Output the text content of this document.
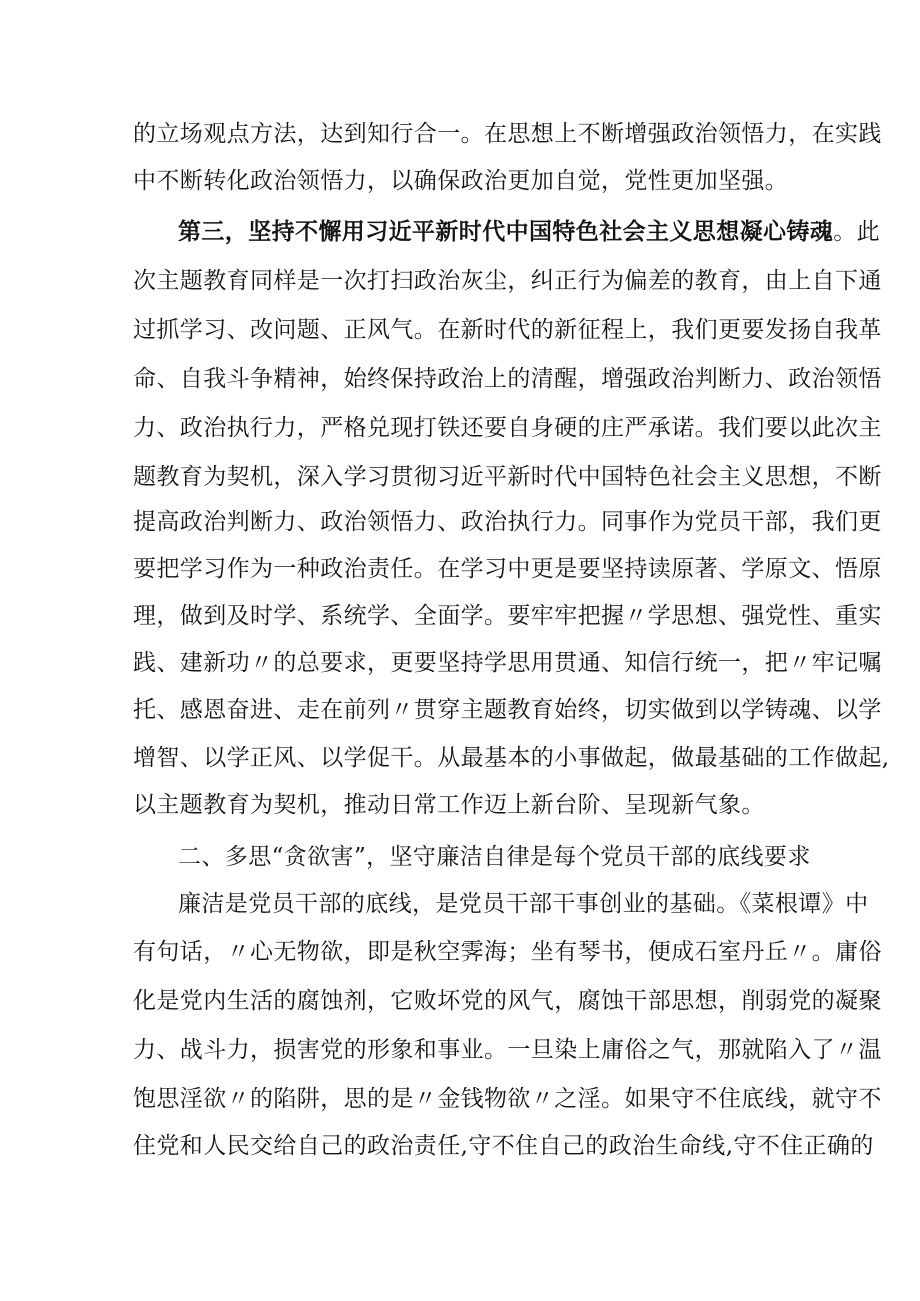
的立场观点方法，达到知行合一。在思想上不断增强政治领悟力，在实践
中不断转化政治领悟力，以确保政治更加自觉，党性更加坚强。
第三，坚持不懈用习近平新时代中国特色社会主义思想凝心铸魂。此
次主题教育同样是一次打扫政治灰尘，纠正行为偏差的教育，由上自下通
过抓学习、改问题、正风气。在新时代的新征程上，我们更要发扬自我革
命、自我斗争精神，始终保持政治上的清醒，增强政治判断力、政治领悟
力、政治执行力，严格兑现打铁还要自身硬的庄严承诺。我们要以此次主
题教育为契机，深入学习贯彻习近平新时代中国特色社会主义思想，不断
提高政治判断力、政治领悟力、政治执行力。同事作为党员干部，我们更
要把学习作为一种政治责任。在学习中更是要坚持读原著、学原文、悟原
理，做到及时学、系统学、全面学。要牢牢把握〃学思想、强党性、重实
践、建新功〃的总要求，更要坚持学思用贯通、知信行统一，把〃牢记嘱
托、感恩奋进、走在前列〃贯穿主题教育始终，切实做到以学铸魂、以学
增智、以学正风、以学促干。从最基本的小事做起，做最基础的工作做起,
以主题教育为契机，推动日常工作迈上新台阶、呈现新气象。
二、多思“贪欲害”，坚守廉洁自律是每个党员干部的底线要求
廉洁是党员干部的底线，是党员干部干事创业的基础。《菜根谭》中
有句话，〃心无物欲，即是秋空霁海；坐有琴书，便成石室丹丘〃。庸俗
化是党内生活的腐蚀剂，它败坏党的风气，腐蚀干部思想，削弱党的凝聚
力、战斗力，损害党的形象和事业。一旦染上庸俗之气，那就陷入了〃温
饱思淫欲〃的陷阱，思的是〃金钱物欲〃之淫。如果守不住底线，就守不
住党和人民交给自己的政治责任,守不住自己的政治生命线,守不住正确的
